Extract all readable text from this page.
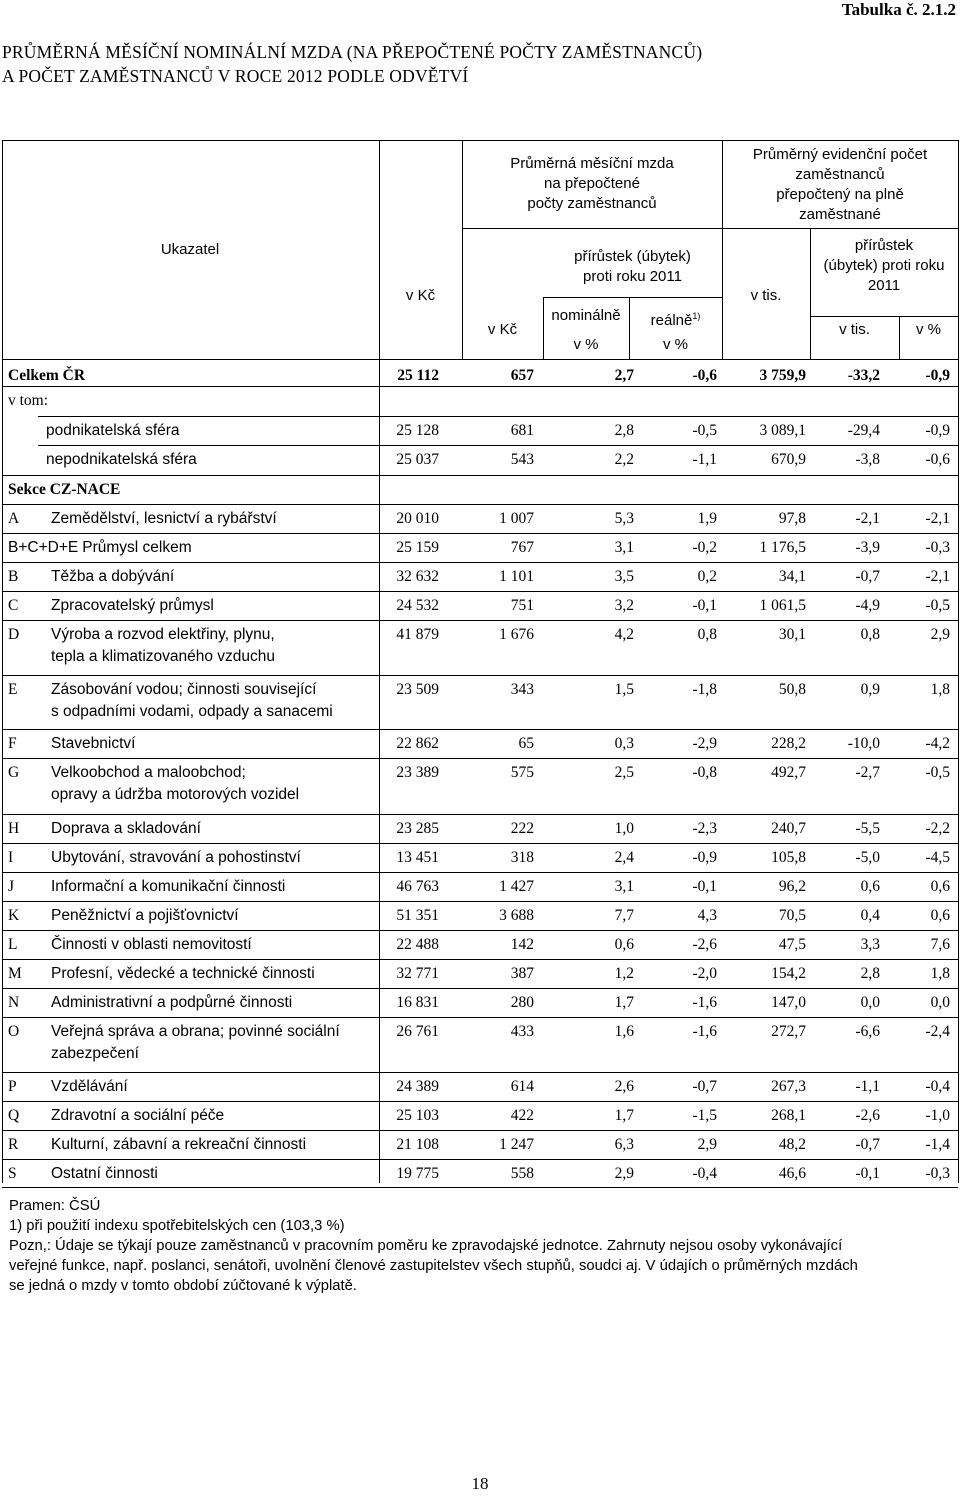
Tabulka č. 2.1.2
PRŮMĚRNÁ MĚSÍČNÍ NOMINÁLNÍ MZDA (NA PŘEPOČTENÉ POČTY ZAMĚSTNANCŮ)
A POČET ZAMĚSTNANCŮ V ROCE 2012 PODLE ODVĚTVÍ
Ukazatel
Průměrná měsíční mzda
na přepočtené
počty zaměstnanců
Průměrný evidenční počet
zaměstnanců
přepočtený na plně
zaměstnané
přírůstek (úbytek)
proti roku 2011
přírůstek
(úbytek) proti roku
2011
v Kč
v Kč
nominálně	reálně$^{1)}$
v %	v %
v tis.
v tis.	v %
Celkem ČR	25 112	657	2,7	-0,6	3 759,9	-33,2	-0,9
v tom:
podnikatelská sféra	25 128	681	2,8	-0,5	3 089,1	-29,4	-0,9
nepodnikatelská sféra	25 037	543	2,2	-1,1	670,9	-3,8	-0,6
Sekce CZ-NACE
A Zemědělství, lesnictví a rybářství	20 010	1 007	5,3	1,9	97,8	-2,1	-2,1
B+C+D+E Průmysl celkem	25 159	767	3,1	-0,2	1 176,5	-3,9	-0,3
B Těžba a dobývání	32 632	1 101	3,5	0,2	34,1	-0,7	-2,1
C Zpracovatelský průmysl	24 532	751	3,2	-0,1	1 061,5	-4,9	-0,5
D Výroba a rozvod elektřiny, plynu,
tepla a klimatizovaného vzduchu
41 879	1 676	4,2	0,8	30,1	0,8	2,9
E Zásobování vodou; činnosti související
s odpadními vodami, odpady a sanacemi
23 509	343	1,5	-1,8	50,8	0,9	1,8
F Stavebnictví	22 862	65	0,3	-2,9	228,2	-10,0	-4,2
G Velkoobchod a maloobchod;
opravy a údržba motorových vozidel
23 389	575	2,5	-0,8	492,7	-2,7	-0,5
H Doprava a skladování	23 285	222	1,0	-2,3	240,7	-5,5	-2,2
I Ubytování, stravování a pohostinství	13 451	318	2,4	-0,9	105,8	-5,0	-4,5
J Informační a komunikační činnosti	46 763	1 427	3,1	-0,1	96,2	0,6	0,6
K Peněžnictví a pojišťovnictví	51 351	3 688	7,7	4,3	70,5	0,4	0,6
L Činnosti v oblasti nemovitostí	22 488	142	0,6	-2,6	47,5	3,3	7,6
M Profesní, vědecké a technické činnosti	32 771	387	1,2	-2,0	154,2	2,8	1,8
N Administrativní a podpůrné činnosti	16 831	280	1,7	-1,6	147,0	0,0	0,0
O Veřejná správa a obrana; povinné sociální
zabezpečení
26 761	433	1,6	-1,6	272,7	-6,6	-2,4
P Vzdělávání	24 389	614	2,6	-0,7	267,3	-1,1	-0,4
Q Zdravotní a sociální péče	25 103	422	1,7	-1,5	268,1	-2,6	-1,0
R Kulturní, zábavní a rekreační činnosti	21 108	1 247	6,3	2,9	48,2	-0,7	-1,4
S Ostatní činnosti	19 775	558	2,9	-0,4	46,6	-0,1	-0,3
Pramen: ČSÚ
1) při použití indexu spotřebitelských cen (103,3 %)
Pozn,: Údaje se týkají pouze zaměstnanců v pracovním poměru ke zpravodajské jednotce. Zahrnuty nejsou osoby vykonávající
veřejné funkce, např. poslanci, senátoři, uvolnění členové zastupitelstev všech stupňů, soudci aj. V údajích o průměrných mzdách
se jedná o mzdy v tomto období zúčtované k výplatě.
18
